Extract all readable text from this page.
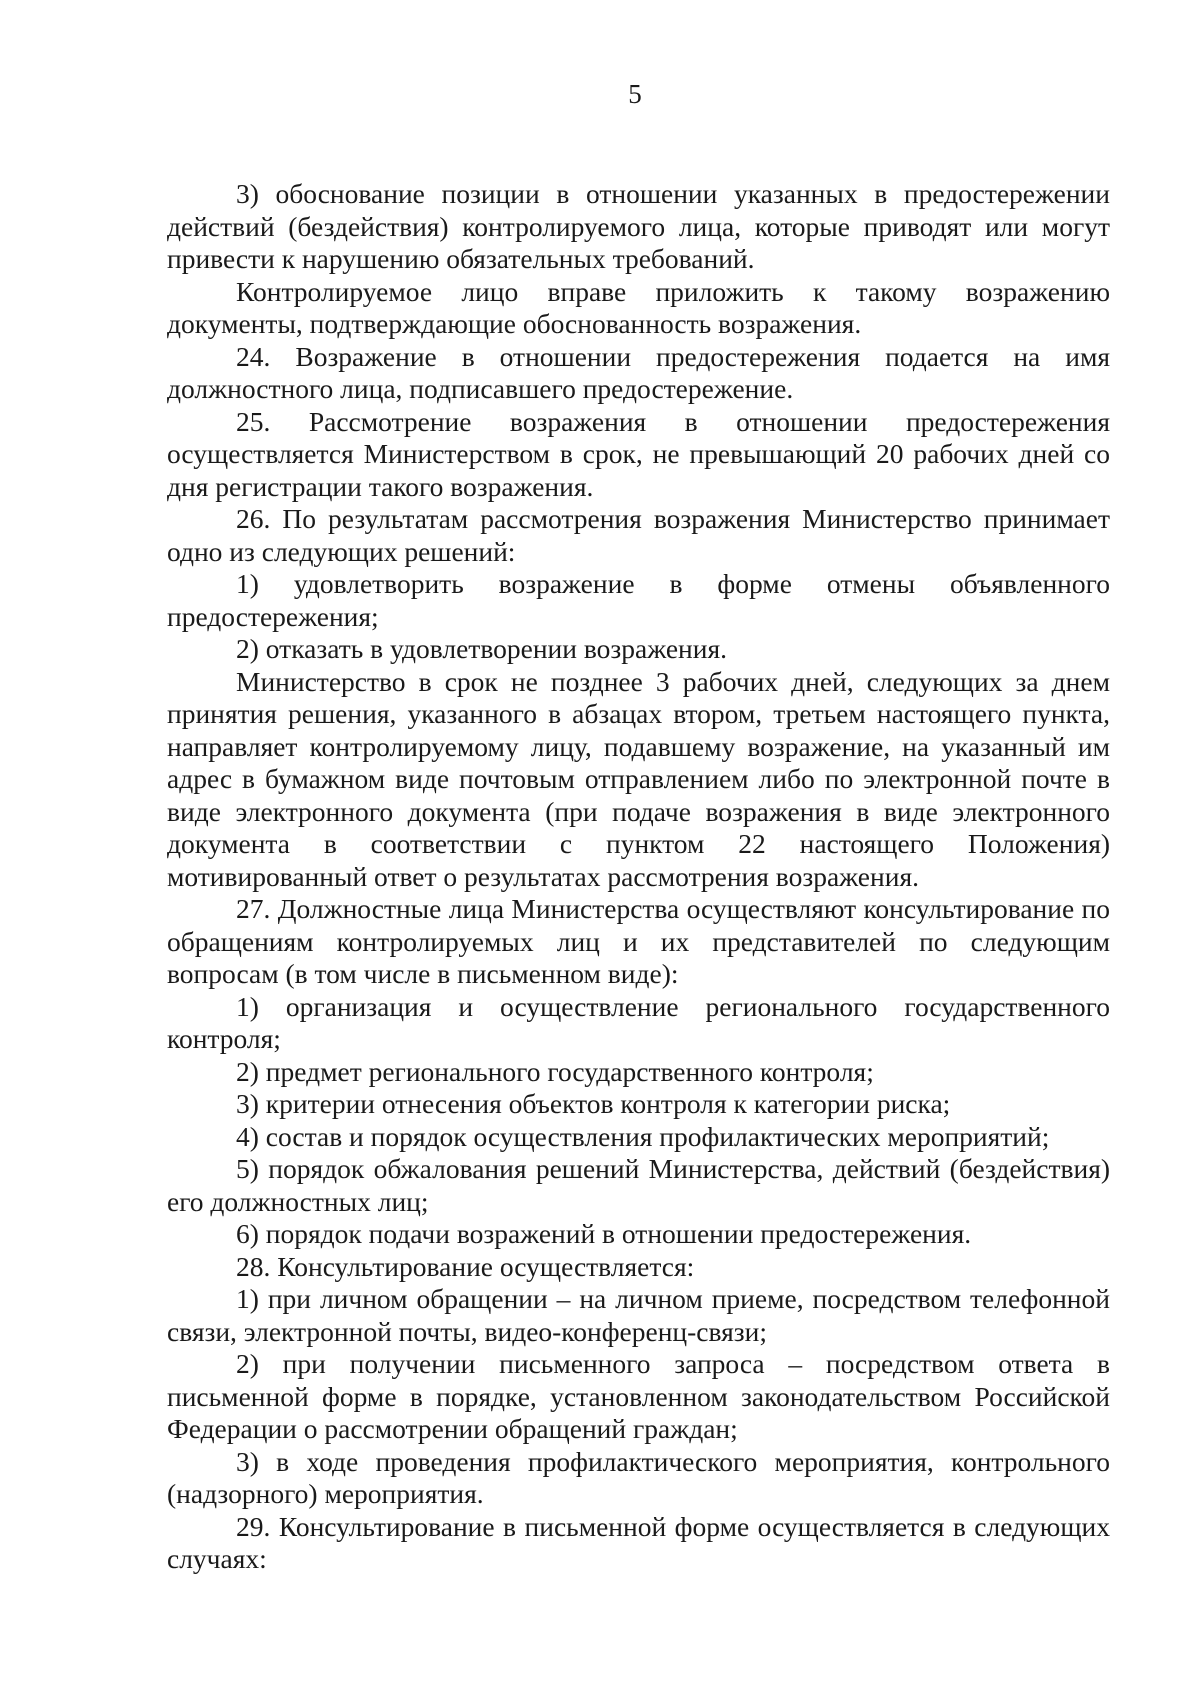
5

3) обоснование позиции в отношении указанных в предостережении действий (бездействия) контролируемого лица, которые приводят или могут привести к нарушению обязательных требований.

Контролируемое лицо вправе приложить к такому возражению документы, подтверждающие обоснованность возражения.

24. Возражение в отношении предостережения подается на имя должностного лица, подписавшего предостережение.

25. Рассмотрение возражения в отношении предостережения осуществляется Министерством в срок, не превышающий 20 рабочих дней со дня регистрации такого возражения.

26. По результатам рассмотрения возражения Министерство принимает одно из следующих решений:

1) удовлетворить возражение в форме отмены объявленного предостережения;

2) отказать в удовлетворении возражения.

Министерство в срок не позднее 3 рабочих дней, следующих за днем принятия решения, указанного в абзацах втором, третьем настоящего пункта, направляет контролируемому лицу, подавшему возражение, на указанный им адрес в бумажном виде почтовым отправлением либо по электронной почте в виде электронного документа (при подаче возражения в виде электронного документа в соответствии с пунктом 22 настоящего Положения) мотивированный ответ о результатах рассмотрения возражения.

27. Должностные лица Министерства осуществляют консультирование по обращениям контролируемых лиц и их представителей по следующим вопросам (в том числе в письменном виде):

1) организация и осуществление регионального государственного контроля;

2) предмет регионального государственного контроля;

3) критерии отнесения объектов контроля к категории риска;

4) состав и порядок осуществления профилактических мероприятий;

5) порядок обжалования решений Министерства, действий (бездействия) его должностных лиц;

6) порядок подачи возражений в отношении предостережения.

28. Консультирование осуществляется:

1) при личном обращении – на личном приеме, посредством телефонной связи, электронной почты, видео-конференц-связи;

2) при получении письменного запроса – посредством ответа в письменной форме в порядке, установленном законодательством Российской Федерации о рассмотрении обращений граждан;

3) в ходе проведения профилактического мероприятия, контрольного (надзорного) мероприятия.

29. Консультирование в письменной форме осуществляется в следующих случаях:
